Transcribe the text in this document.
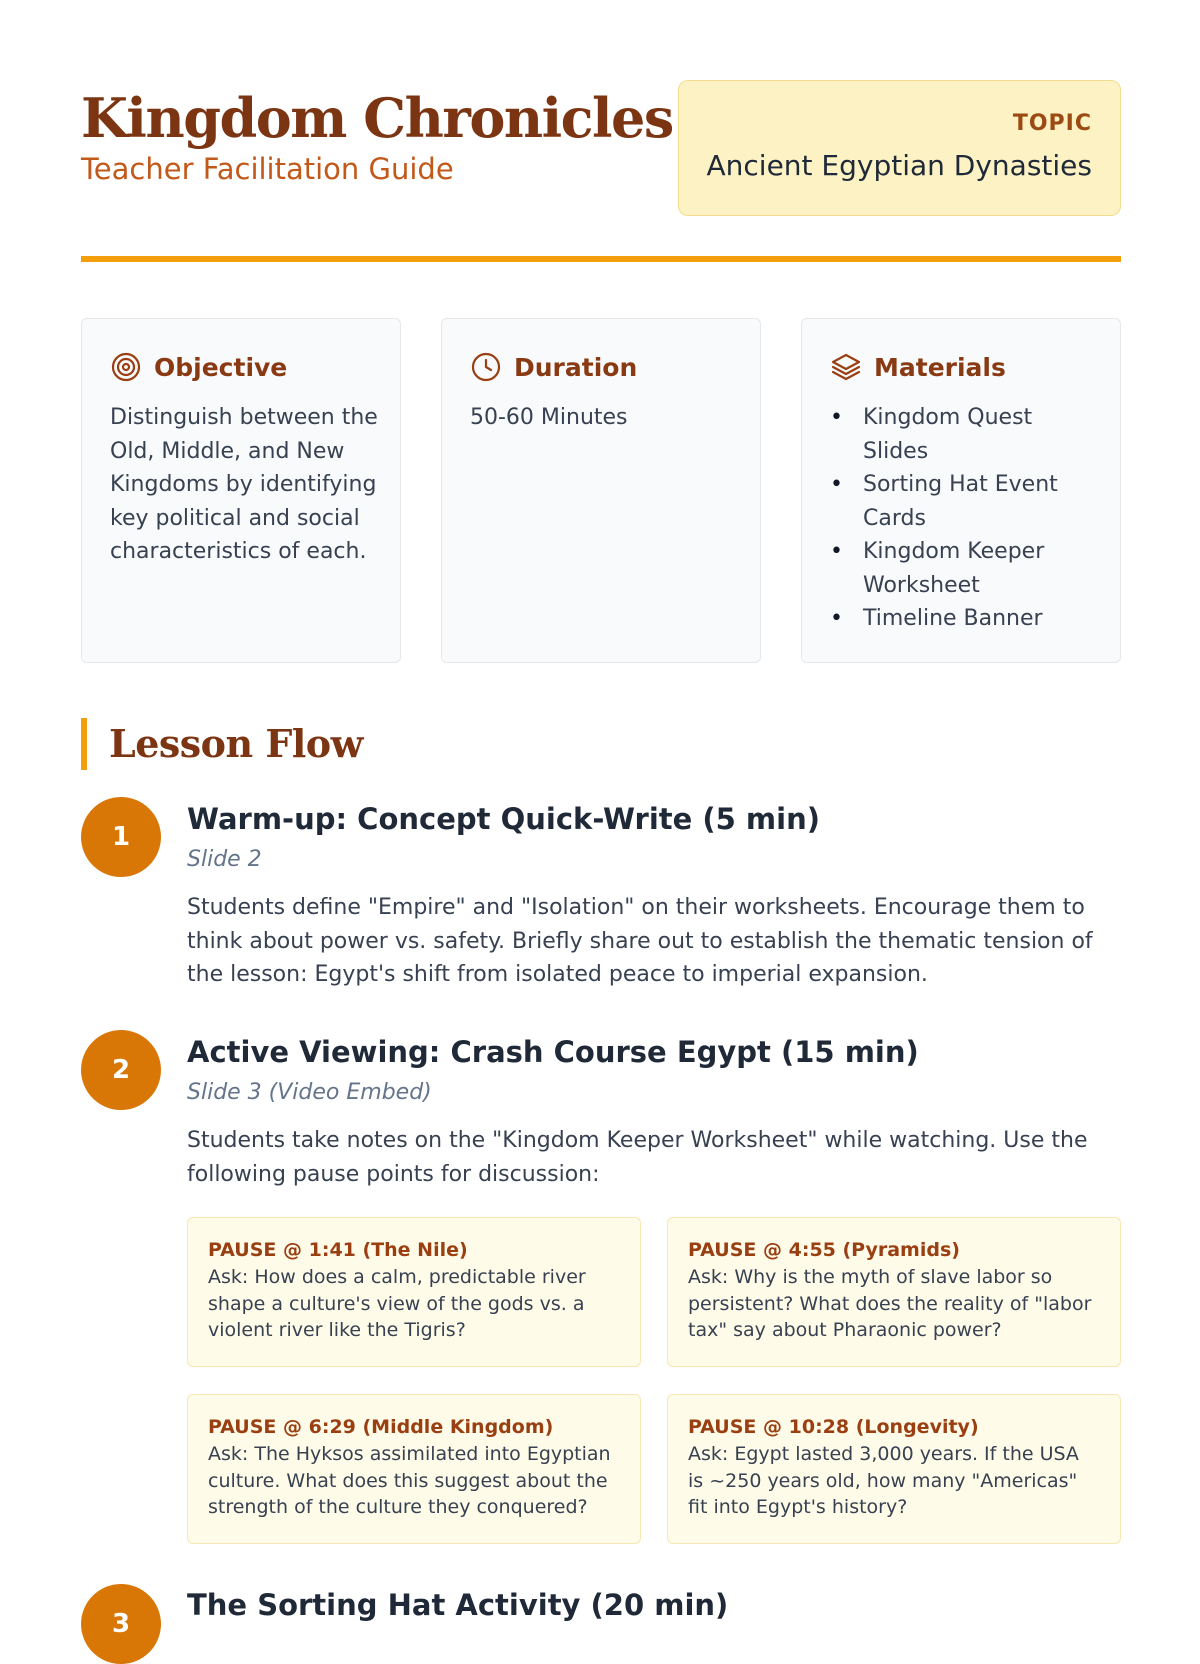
Kingdom Chronicles
Teacher Facilitation Guide
TOPIC
Ancient Egyptian Dynasties
Objective
Distinguish between the Old, Middle, and New Kingdoms by identifying key political and social characteristics of each.
Duration
50-60 Minutes
Materials
• Kingdom Quest Slides
• Sorting Hat Event Cards
• Kingdom Keeper Worksheet
• Timeline Banner
Lesson Flow
1
Warm-up: Concept Quick-Write (5 min)
Slide 2
Students define "Empire" and "Isolation" on their worksheets. Encourage them to think about power vs. safety. Briefly share out to establish the thematic tension of the lesson: Egypt's shift from isolated peace to imperial expansion.
2
Active Viewing: Crash Course Egypt (15 min)
Slide 3 (Video Embed)
Students take notes on the "Kingdom Keeper Worksheet" while watching. Use the following pause points for discussion:
PAUSE @ 1:41 (The Nile)
Ask: How does a calm, predictable river shape a culture's view of the gods vs. a violent river like the Tigris?
PAUSE @ 4:55 (Pyramids)
Ask: Why is the myth of slave labor so persistent? What does the reality of "labor tax" say about Pharaonic power?
PAUSE @ 6:29 (Middle Kingdom)
Ask: The Hyksos assimilated into Egyptian culture. What does this suggest about the strength of the culture they conquered?
PAUSE @ 10:28 (Longevity)
Ask: Egypt lasted 3,000 years. If the USA is ~250 years old, how many "Americas" fit into Egypt's history?
3
The Sorting Hat Activity (20 min)
